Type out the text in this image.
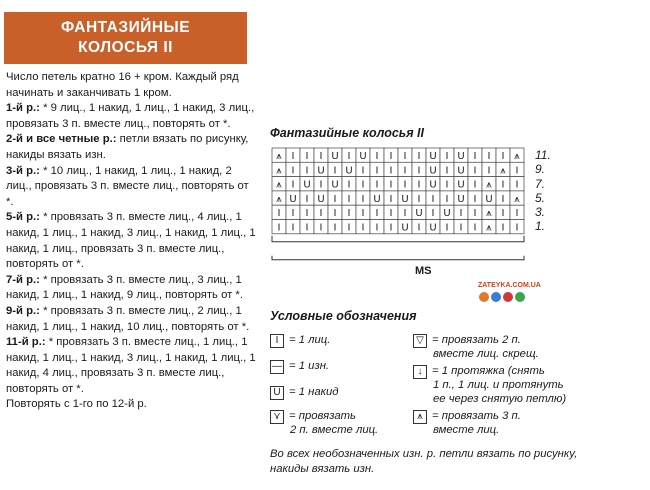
ФАНТАЗИЙНЫЕ
КОЛОСЬЯ II

Число петель кратно 16 + кром. Каждый ряд начинать и заканчивать 1 кром.

1-й р.: * 9 лиц., 1 накид, 1 лиц., 1 накид, 3 лиц., провязать 3 п. вместе лиц., повторять от *.

2-й и все четные р.: петли вязать по рисунку, накиды вязать изн.

3-й р.: * 10 лиц., 1 накид, 1 лиц., 1 накид, 2 лиц., провязать 3 п. вместе лиц., повторять от *.

5-й р.: * провязать 3 п. вместе лиц., 4 лиц., 1 накид, 1 лиц., 1 накид, 3 лиц., 1 накид, 1 лиц., 1 накид, 1 лиц., провязать 3 п. вместе лиц., повторять от *.

7-й р.: * провязать 3 п. вместе лиц., 3 лиц., 1 накид, 1 лиц., 1 накид, 9 лиц., повторять от *.

9-й р.: * провязать 3 п. вместе лиц., 2 лиц., 1 накид, 1 лиц., 1 накид, 10 лиц., повторять от *.

11-й р.: * провязать 3 п. вместе лиц., 1 лиц., 1 накид, 1 лиц., 1 накид, 3 лиц., 1 накид, 1 лиц., 1 накид, 4 лиц., провязать 3 п. вместе лиц., повторять от *.

Повторять с 1-го по 12-й р.

Фантазийные колосья II
⩚ I I I U I U I I I I U I U I I I ⩚
⩚ I I U I U I I I I I U I U I I ⩚ I
⩚ I U I U I I I I I I U I U I ⩚ I I
⩚ U I U I I I U I U I I I U I U I ⩚
I I I I I I I I I I U I U I I ⩚ I I
I I I I I I I I I U I U I I I ⩚ I I
11.
9.
7.
5.
3.
1.
MS
ZATEYKA.COM.UA
Условные обозначения
I = 1 лиц.
— = 1 изн.
U = 1 накид
⋎ = провязать
2 п. вместе лиц.
▽ = провязать 2 п.
вместе лиц. скрещ.
↓ = 1 протяжка (снять
1 п., 1 лиц. и протянуть
ее через снятую петлю)
⩚ = провязать 3 п.
вместе лиц.
Во всех необозначенных изн. р. петли вязать по рисунку, накиды вязать изн.
